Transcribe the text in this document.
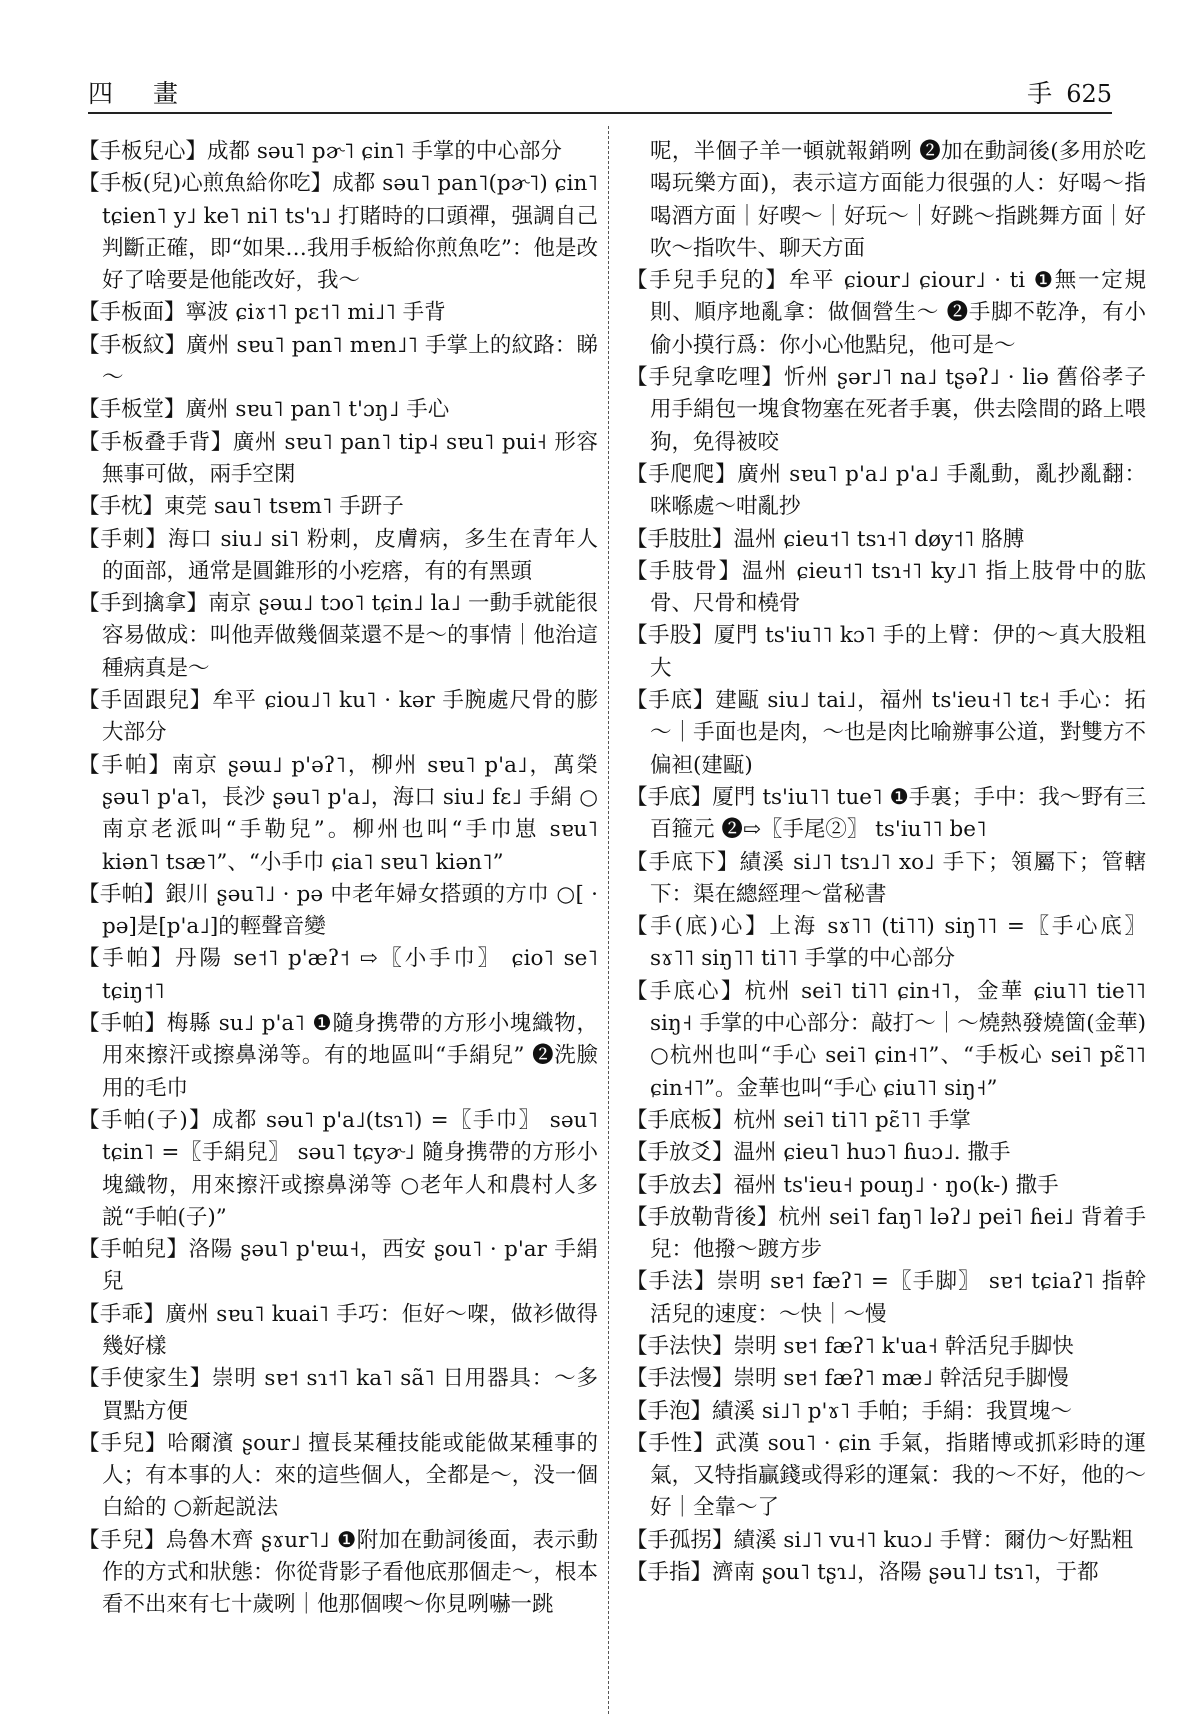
四 畫	手 625

【手板兒心】成都 səu˥ pɚ˥ ɕin˥ 手掌的中心部分

【手板(兒)心煎魚給你吃】成都 səu˥ pan˥(pɚ˥) ɕin˥ tɕien˥ y˩ ke˥ ni˥ ts'ɿ˩ 打賭時的口頭禪，强調自己判斷正確，即“如果…我用手板給你煎魚吃”：他是改好了啥要是他能改好，我～

【手板面】寧波 ɕiɤ˦˥ pɛ˦˥ mi˩˥ 手背

【手板紋】廣州 sɐu˥ pan˥ mɐn˩˥ 手掌上的紋路：睇～

【手板堂】廣州 sɐu˥ pan˥ t'ɔŋ˩ 手心

【手板叠手背】廣州 sɐu˥ pan˥ tip˨ sɐu˥ pui˧ 形容無事可做，兩手空閑

【手枕】東莞 sau˥ tsɐm˥ 手趼子

【手刺】海口 siu˩ si˥ 粉刺，皮膚病，多生在青年人的面部，通常是圓錐形的小疙瘩，有的有黑頭

【手到擒拿】南京 ʂəɯ˩ tɔo˥ tɕin˩ la˩ 一動手就能很容易做成：叫他弄做幾個菜還不是～的事情｜他治這種病真是～

【手固跟兒】牟平 ɕiou˩˥ ku˥ · kər 手腕處尺骨的膨大部分

【手帕】南京 ʂəɯ˩ p'əʔ˥，柳州 sɐu˥ p'a˩，萬榮 ʂəu˥ p'a˥，長沙 ʂəu˥ p'a˩，海口 siu˩ fɛ˩ 手絹 ○南京老派叫“手勒兒”。柳州也叫“手巾崽 sɐu˥ kiən˥ tsæ˥”、“小手巾 ɕia˥ sɐu˥ kiən˥”

【手帕】銀川 ʂəu˥˩ · pə 中老年婦女搭頭的方巾 ○[ · pə]是[p'a˩]的輕聲音變

【手帕】丹陽 se˦˥ p'æʔ˦ ⇨〖小手巾〗 ɕio˥ se˥ tɕiŋ˦˥

【手帕】梅縣 su˩ p'a˥ ❶隨身携帶的方形小塊織物，用來擦汗或擦鼻涕等。有的地區叫“手絹兒” ❷洗臉用的毛巾

【手帕(子)】成都 səu˥ p'a˩(tsɿ˥) =〖手巾〗 səu˥ tɕin˥ =〖手絹兒〗 səu˥ tɕyɚ˩ 隨身携帶的方形小塊織物，用來擦汗或擦鼻涕等 ○老年人和農村人多説“手帕(子)”

【手帕兒】洛陽 ʂəu˥ p'ɐɯ˧，西安 ʂou˥ · p'ar 手絹兒

【手乖】廣州 sɐu˥ kuai˥ 手巧：佢好～㗎，做衫做得幾好樣

【手使家生】崇明 sɐ˦ sɿ˦˥ ka˥ sã˥ 日用器具：～多買點方便

【手兒】哈爾濱 ʂour˩ 擅長某種技能或能做某種事的人；有本事的人：來的這些個人，全都是～，没一個白給的 ○新起説法

【手兒】烏魯木齊 ʂɤur˥˩ ❶附加在動詞後面，表示動作的方式和狀態：你從背影子看他底那個走～，根本看不出來有七十歲咧｜他那個喫～你見咧嚇一跳

呢，半個子羊一頓就報銷咧 ❷加在動詞後(多用於吃喝玩樂方面)，表示這方面能力很强的人：好喝～指喝酒方面｜好喫～｜好玩～｜好跳～指跳舞方面｜好吹～指吹牛、聊天方面

【手兒手兒的】牟平 ɕiour˩ ɕiour˩ · ti ❶無一定規則、順序地亂拿：做個營生～ ❷手脚不乾净，有小偷小摸行爲：你小心他點兒，他可是～

【手兒拿吃哩】忻州 ʂər˩˥ na˩ tʂəʔ˩ · liə 舊俗孝子用手絹包一塊食物塞在死者手裏，供去陰間的路上喂狗，免得被咬

【手爬爬】廣州 sɐu˥ p'a˩ p'a˩ 手亂動，亂抄亂翻：咪喺處～咁亂抄

【手肢肚】温州 ɕieu˦˥ tsɿ˧˥ døy˦˥ 胳膊

【手肢骨】温州 ɕieu˦˥ tsɿ˧˥ ky˩˥ 指上肢骨中的肱骨、尺骨和橈骨

【手股】厦門 ts'iu˥˥ kɔ˥ 手的上臂：伊的～真大股粗大

【手底】建甌 siu˩ tai˩，福州 ts'ieu˧˥ tɛ˧ 手心：拓～｜手面也是肉，～也是肉比喻辦事公道，對雙方不偏袒(建甌)

【手底】厦門 ts'iu˥˥ tue˥ ❶手裏；手中：我～野有三百箍元 ❷⇨〖手尾②〗 ts'iu˥˥ be˥

【手底下】績溪 si˩˥ tsɿ˩˥ xo˩ 手下；領屬下；管轄下：渠在總經理～當秘書

【手(底)心】上海 sɤ˥˥ (ti˥˥) siŋ˥˥ =〖手心底〗 sɤ˥˥ siŋ˥˥ ti˥˥ 手掌的中心部分

【手底心】杭州 sei˥ ti˥˥ ɕin˧˥，金華 ɕiu˥˥ tie˥˥ siŋ˧ 手掌的中心部分：敲打～｜～燒熱發燒箇(金華) ○杭州也叫“手心 sei˥ ɕin˧˥”、“手板心 sei˥ pɛ̃˥˥ ɕin˧˥”。金華也叫“手心 ɕiu˥˥ siŋ˧”

【手底板】杭州 sei˥ ti˥˥ pɛ̃˥˥ 手掌

【手放爻】温州 ɕieu˥ huɔ˥ ɦuɔ˩. 撒手

【手放去】福州 ts'ieu˧ pouŋ˩ · ŋo(k-) 撒手

【手放勒背後】杭州 sei˥ faŋ˥ ləʔ˩ pei˥ ɦei˩ 背着手兒：他撥～踱方步

【手法】崇明 sɐ˦ fæʔ˥ =〖手脚〗 sɐ˦ tɕiaʔ˥ 指幹活兒的速度：～快｜～慢

【手法快】崇明 sɐ˦ fæʔ˥ k'ua˧ 幹活兒手脚快

【手法慢】崇明 sɐ˦ fæʔ˥ mæ˩ 幹活兒手脚慢

【手泡】績溪 si˩˥ p'ɤ˥ 手帕；手絹：我買塊～

【手性】武漢 sou˥ · ɕin 手氣，指賭博或抓彩時的運氣，又特指贏錢或得彩的運氣：我的～不好，他的～好｜全靠～了

【手孤拐】績溪 si˩˥ vu˧˥ kuɔ˩ 手臂：爾仂～好點粗

【手指】濟南 ʂou˥ tʂɿ˩，洛陽 ʂəu˥˩ tsɿ˥，于都
